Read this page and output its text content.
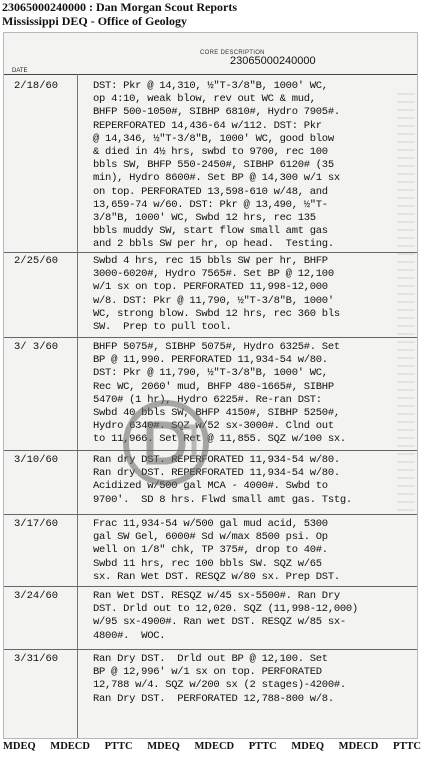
23065000240000 : Dan Morgan Scout Reports
Mississippi DEQ - Office of Geology
CORE DESCRIPTION
23065000240000
DATE
2/18/60	DST: Pkr @ 14,310, ½"T-3/8"B, 1000' WC,
op 4:10, weak blow, rev out WC & mud,
BHFP 500-1050#, SIBHP 6810#, Hydro 7905#.
REPERFORATED 14,436-64 w/112. DST: Pkr
@ 14,346, ½"T-3/8"B, 1000' WC, good blow
& died in 4½ hrs, swbd to 9700, rec 100
bbls SW, BHFP 550-2450#, SIBHP 6120# (35
min), Hydro 8600#. Set BP @ 14,300 w/1 sx
on top. PERFORATED 13,598-610 w/48, and
13,659-74 w/60. DST: Pkr @ 13,490, ½"T-
3/8"B, 1000' WC, Swbd 12 hrs, rec 135
bbls muddy SW, start flow small amt gas
and 2 bbls SW per hr, op head.  Testing.
2/25/60	Swbd 4 hrs, rec 15 bbls SW per hr, BHFP
3000-6020#, Hydro 7565#. Set BP @ 12,100
w/1 sx on top. PERFORATED 11,998-12,000
w/8. DST: Pkr @ 11,790, ½"T-3/8"B, 1000'
WC, strong blow. Swbd 12 hrs, rec 360 bls
SW.  Prep to pull tool.
3/ 3/60	BHFP 5075#, SIBHP 5075#, Hydro 6325#. Set
BP @ 11,990. PERFORATED 11,934-54 w/80.
DST: Pkr @ 11,790, ½"T-3/8"B, 1000' WC,
Rec WC, 2060' mud, BHFP 480-1665#, SIBHP
5470# (1 hr), Hydro 6225#. Re-ran DST:
Swbd 40 bbls SW, BHFP 4150#, SIBHP 5250#,
Hydro 6340#. SQZ w/52 sx-3000#. Clnd out
to 11,966. Set Ret @ 11,855. SQZ w/100 sx.
3/10/60	Ran dry DST. REPERFORATED 11,934-54 w/80.
Ran dry DST. REPERFORATED 11,934-54 w/80.
Acidized w/500 gal MCA - 4000#. Swbd to
9700'.  SD 8 hrs. Flwd small amt gas. Tstg.
3/17/60	Frac 11,934-54 w/500 gal mud acid, 5300
gal SW Gel, 6000# Sd w/max 8500 psi. Op
well on 1/8" chk, TP 375#, drop to 40#.
Swbd 11 hrs, rec 100 bbls SW. SQZ w/65
sx. Ran Wet DST. RESQZ w/80 sx. Prep DST.
3/24/60	Ran Wet DST. RESQZ w/45 sx-5500#. Ran Dry
DST. Drld out to 12,020. SQZ (11,998-12,000)
w/95 sx-4900#. Ran wet DST. RESQZ w/85 sx-
4800#.  WOC.
3/31/60	Ran Dry DST.  Drld out BP @ 12,100. Set
BP @ 12,996' w/1 sx on top. PERFORATED
12,788 w/4. SQZ w/200 sx (2 stages)-4200#.
Ran Dry DST.  PERFORATED 12,788-800 w/8.
MDEQ MDECD PTTC MDEQ MDECD PTTC MDEQ MDECD PTTC
